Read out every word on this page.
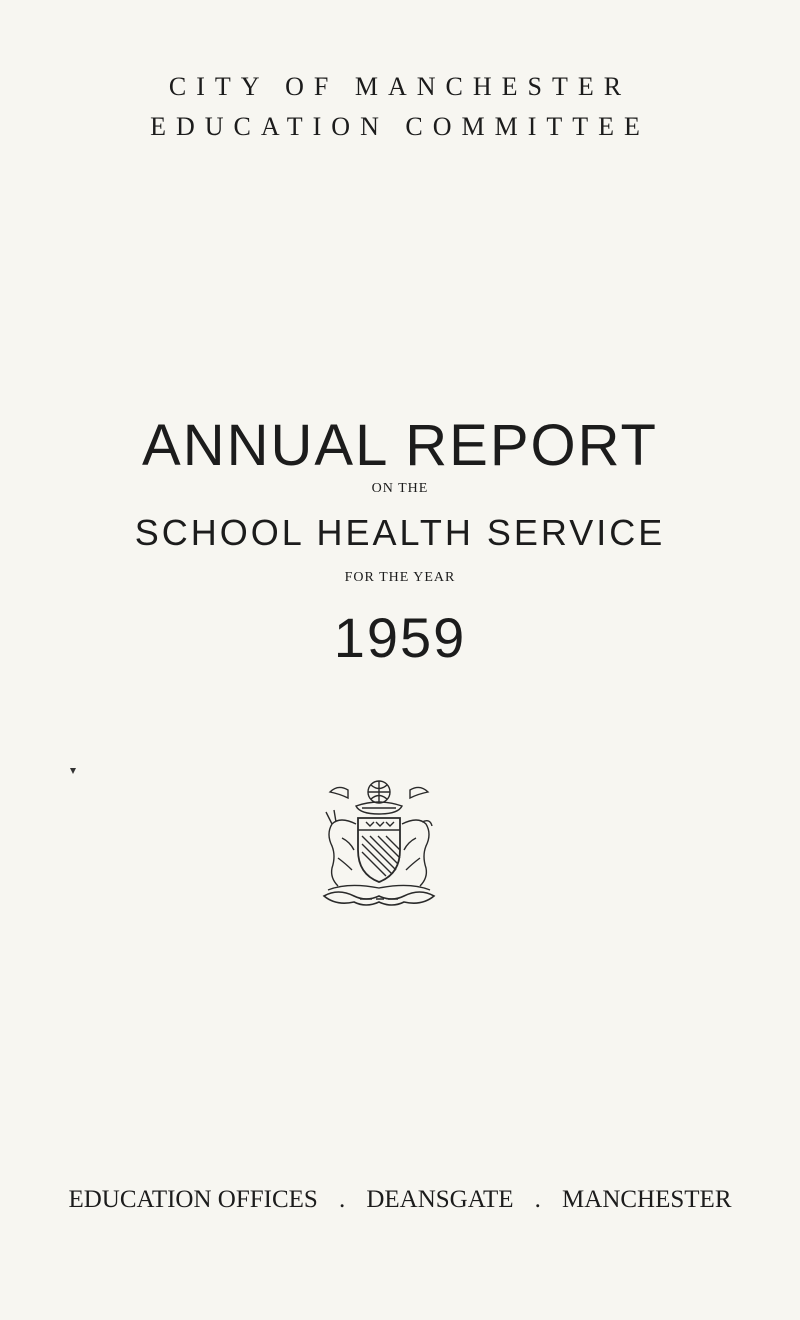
CITY OF MANCHESTER
EDUCATION COMMITTEE
ANNUAL REPORT
ON THE
SCHOOL HEALTH SERVICE
FOR THE YEAR
1959
EDUCATION OFFICES . DEANSGATE . MANCHESTER
